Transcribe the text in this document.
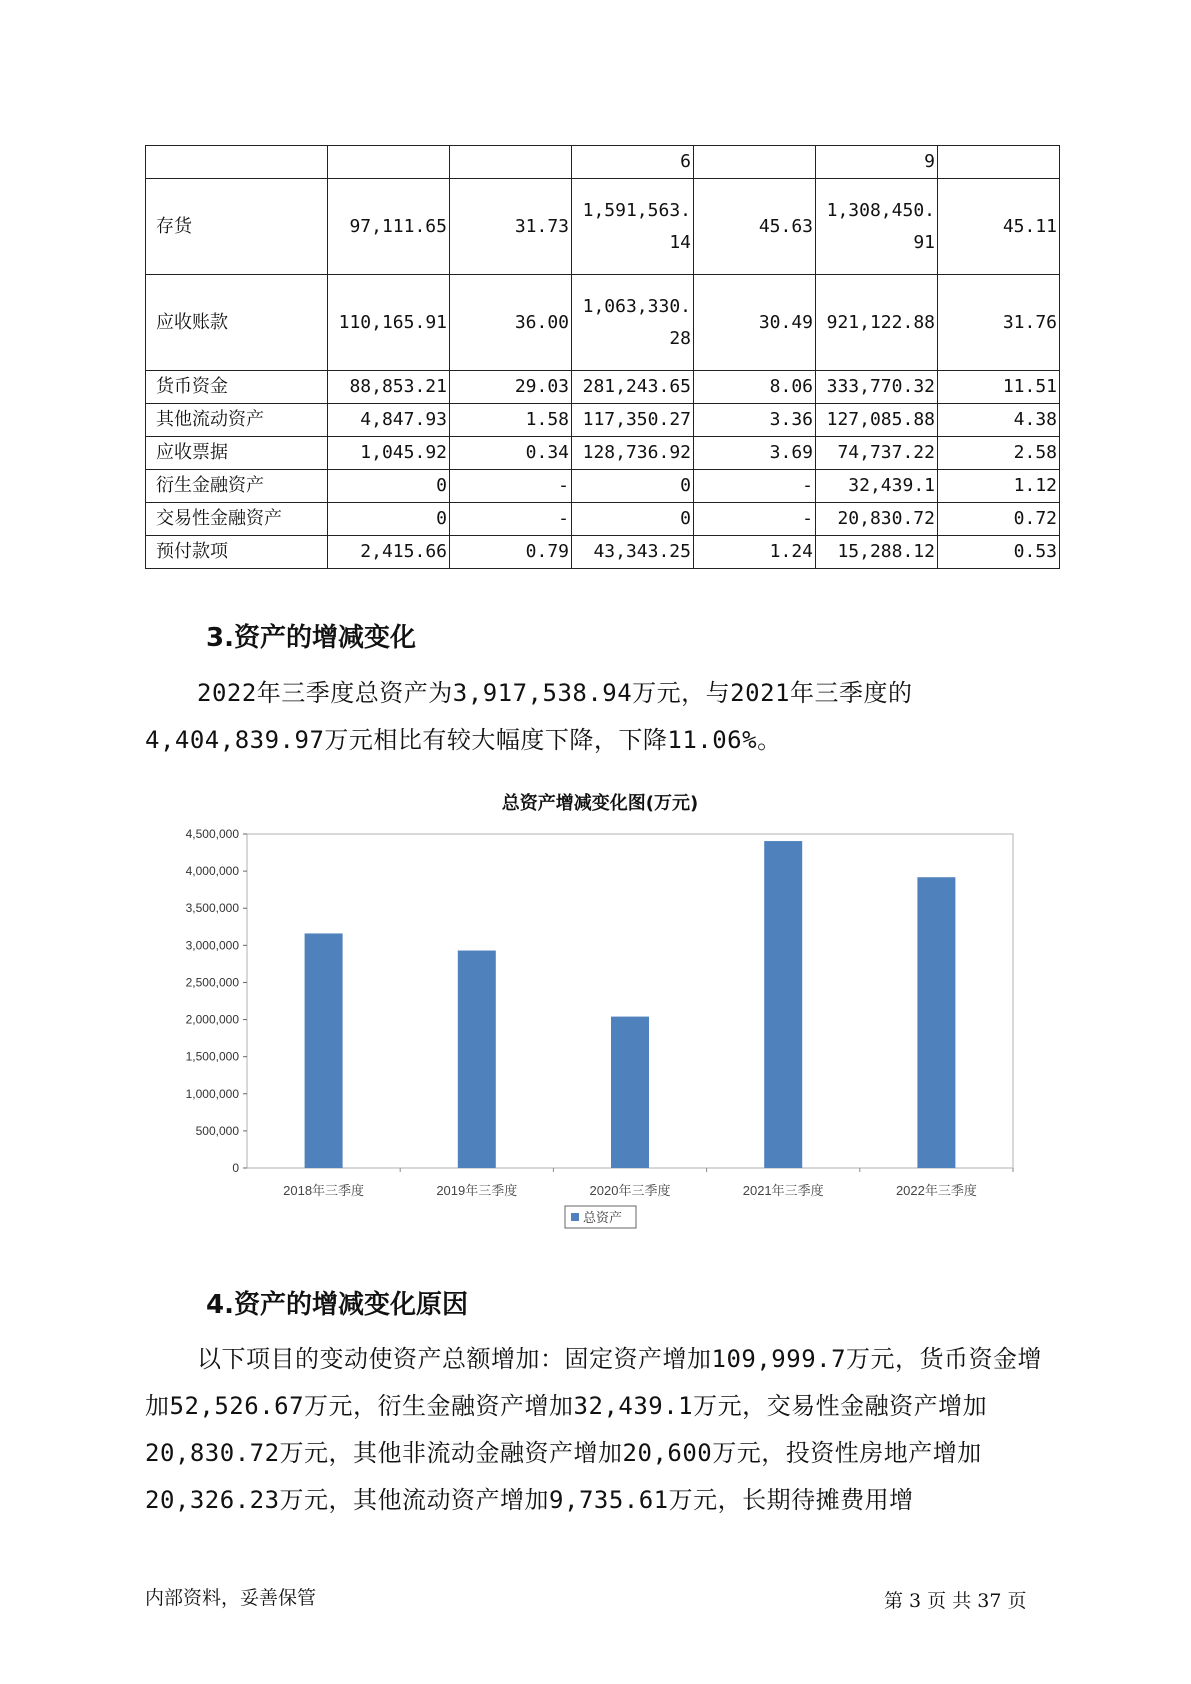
			6		9	
存货	97,111.65	31.73	1,591,563.14	45.63	1,308,450.91	45.11
应收账款	110,165.91	36.00	1,063,330.28	30.49	921,122.88	31.76
货币资金	88,853.21	29.03	281,243.65	8.06	333,770.32	11.51
其他流动资产	4,847.93	1.58	117,350.27	3.36	127,085.88	4.38
应收票据	1,045.92	0.34	128,736.92	3.69	74,737.22	2.58
衍生金融资产	0	-	0	-	32,439.1	1.12
交易性金融资产	0	-	0	-	20,830.72	0.72
预付款项	2,415.66	0.79	43,343.25	1.24	15,288.12	0.53
3.资产的增减变化

2022年三季度总资产为3,917,538.94万元，与2021年三季度的4,404,839.97万元相比有较大幅度下降，下降11.06%。

总资产增减变化图(万元)
0
500,000
1,000,000
1,500,000
2,000,000
2,500,000
3,000,000
3,500,000
4,000,000
4,500,000
2018年三季度	2019年三季度	2020年三季度	2021年三季度	2022年三季度
总资产
4.资产的增减变化原因

以下项目的变动使资产总额增加：固定资产增加109,999.7万元，货币资金增加52,526.67万元，衍生金融资产增加32,439.1万元，交易性金融资产增加20,830.72万元，其他非流动金融资产增加20,600万元，投资性房地产增加20,326.23万元，其他流动资产增加9,735.61万元，长期待摊费用增

内部资料，妥善保管	第 3 页 共 37 页
